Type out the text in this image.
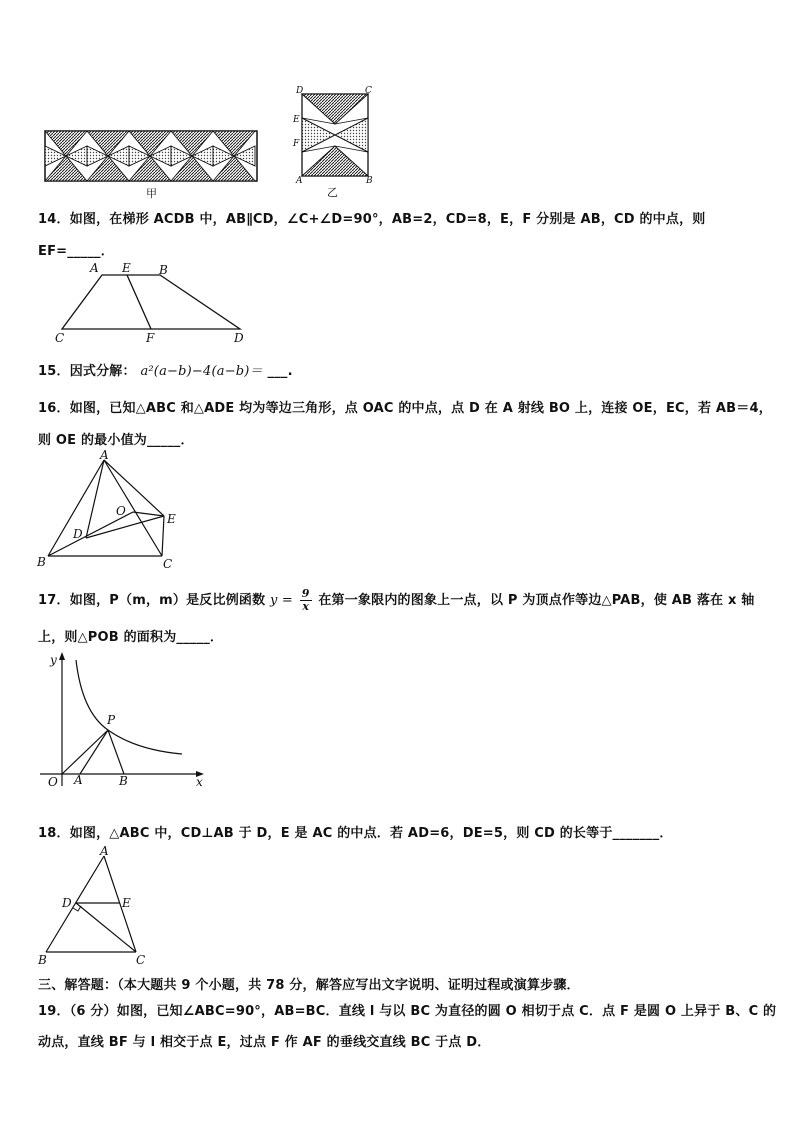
甲
D	C
E
F
A	B
乙
14．如图，在梯形 ACDB 中，AB∥CD，∠C+∠D=90°，AB=2，CD=8，E，F 分别是 AB，CD 的中点，则
EF=_____．
A E B
C	F	D
15．因式分解： a²(a−b)−4(a−b)＝ ___.
16．如图，已知△ABC 和△ADE 均为等边三角形，点 OAC 的中点，点 D 在 A 射线 BO 上，连接 OE，EC，若 AB＝4，
则 OE 的最小值为_____．
A
O
E
D
B	C
17．如图，P（m，m）是反比例函数 $y = \frac{9}{x}$ 在第一象限内的图象上一点，以 P 为顶点作等边△PAB，使 AB 落在 x 轴
上，则△POB 的面积为_____．
y
P
O A	B	x
18．如图，△ABC 中，CD⊥AB 于 D，E 是 AC 的中点．若 AD=6，DE=5，则 CD 的长等于_______．
A
D	E
B	C
三、解答题：（本大题共 9 个小题，共 78 分，解答应写出文字说明、证明过程或演算步骤．
19．（6 分）如图，已知∠ABC=90°，AB=BC．直线 l 与以 BC 为直径的圆 O 相切于点 C．点 F 是圆 O 上异于 B、C 的
动点，直线 BF 与 l 相交于点 E，过点 F 作 AF 的垂线交直线 BC 于点 D．
